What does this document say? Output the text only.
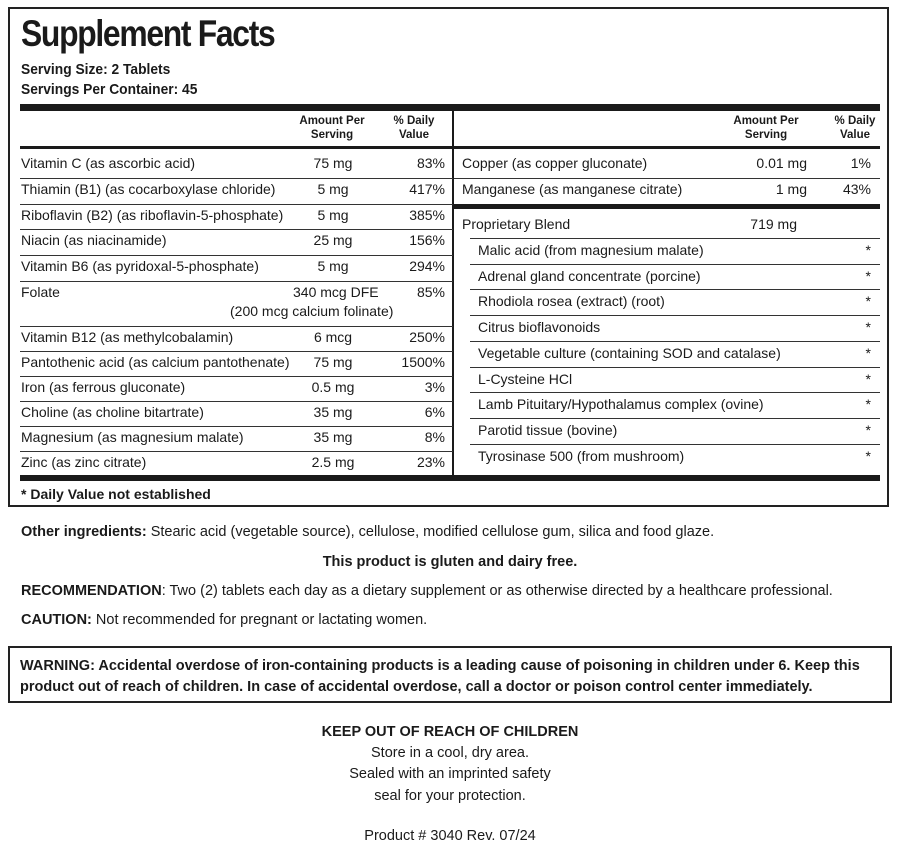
Supplement Facts
Serving Size: 2 Tablets
Servings Per Container: 45
Amount Per
Serving
% Daily
Value
Amount Per
Serving
% Daily
Value
Vitamin C (as ascorbic acid)	75 mg	83%
Thiamin (B1) (as cocarboxylase chloride)	5 mg	417%
Riboflavin (B2) (as riboflavin-5-phosphate)	5 mg	385%
Niacin (as niacinamide)	25 mg	156%
Vitamin B6 (as pyridoxal-5-phosphate)	5 mg	294%
Folate	340 mcg DFE	85%
(200 mcg calcium folinate)
Vitamin B12 (as methylcobalamin)	6 mcg	250%
Pantothenic acid (as calcium pantothenate)	75 mg	1500%
Iron (as ferrous gluconate)	0.5 mg	3%
Choline (as choline bitartrate)	35 mg	6%
Magnesium (as magnesium malate)	35 mg	8%
Zinc (as zinc citrate)	2.5 mg	23%
Copper (as copper gluconate)	0.01 mg	1%
Manganese (as manganese citrate)	1 mg	43%
Proprietary Blend	719 mg
Malic acid (from magnesium malate)	*
Adrenal gland concentrate (porcine)	*
Rhodiola rosea (extract) (root)	*
Citrus bioflavonoids	*
Vegetable culture (containing SOD and catalase)	*
L-Cysteine HCl	*
Lamb Pituitary/Hypothalamus complex (ovine)	*
Parotid tissue (bovine)	*
Tyrosinase 500 (from mushroom)	*
* Daily Value not established
Other ingredients: Stearic acid (vegetable source), cellulose, modified cellulose gum, silica and food glaze.
This product is gluten and dairy free.
RECOMMENDATION: Two (2) tablets each day as a dietary supplement or as otherwise directed by a healthcare professional.
CAUTION: Not recommended for pregnant or lactating women.
WARNING: Accidental overdose of iron-containing products is a leading cause of poisoning in children under 6. Keep this
product out of reach of children. In case of accidental overdose, call a doctor or poison control center immediately.
KEEP OUT OF REACH OF CHILDREN
Store in a cool, dry area.
Sealed with an imprinted safety
seal for your protection.
Product # 3040 Rev. 07/24
